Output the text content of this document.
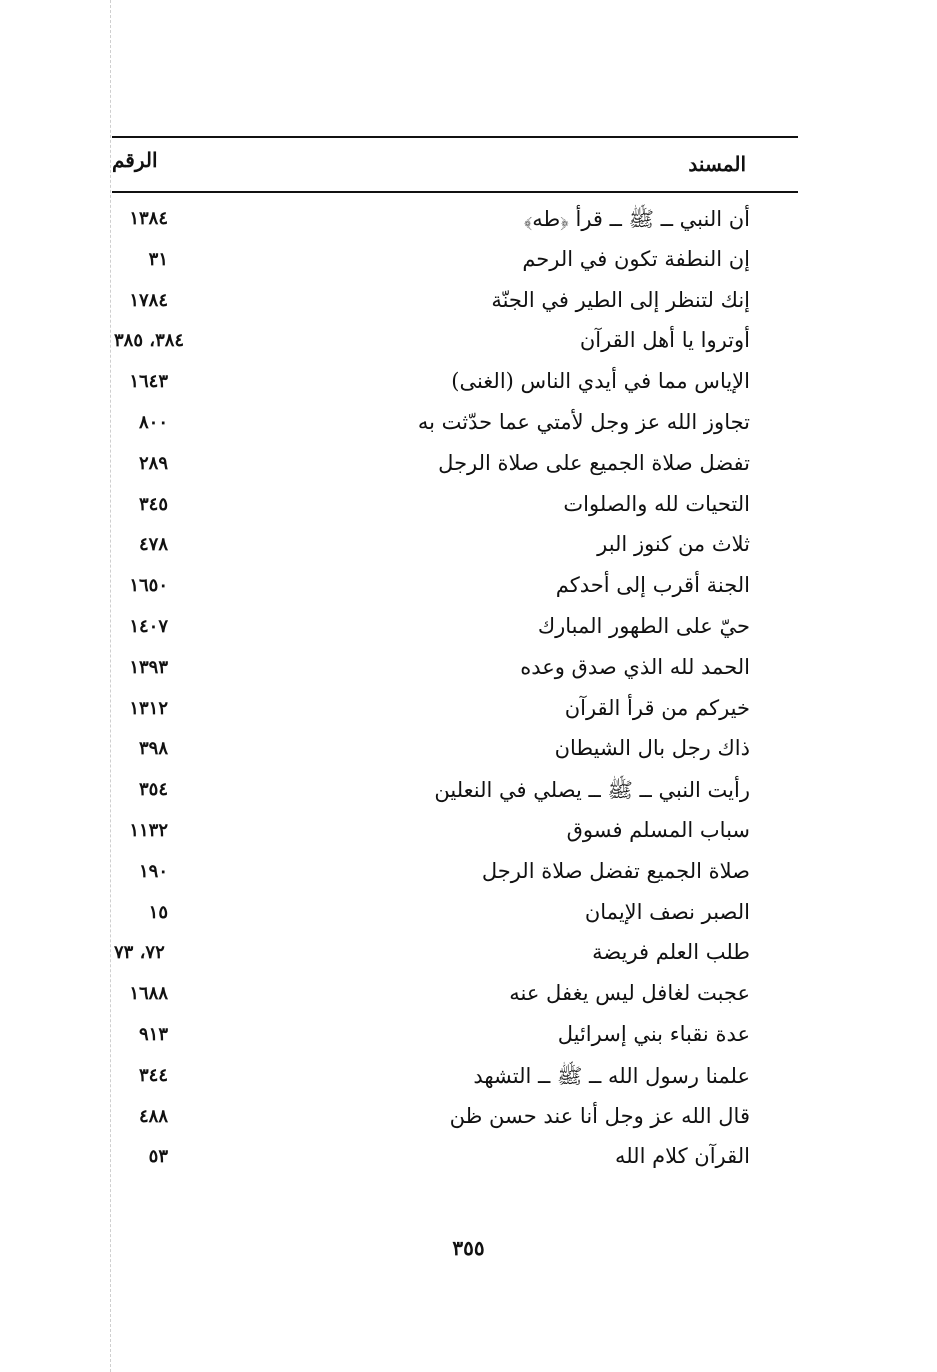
المسند
الرقم
أن النبي ــ ﷺ ــ قرأ ﴿طه﴾
١٣٨٤
إن النطفة تكون في الرحم
٣١
إنك لتنظر إلى الطير في الجنّة
١٧٨٤
أوتروا يا أهل القرآن
٣٨٤، ٣٨٥
الإياس مما في أيدي الناس (الغنى)
١٦٤٣
تجاوز الله عز وجل لأمتي عما حدّثت به
٨٠٠
تفضل صلاة الجميع على صلاة الرجل
٢٨٩
التحيات لله والصلوات
٣٤٥
ثلاث من كنوز البر
٤٧٨
الجنة أقرب إلى أحدكم
١٦٥٠
حيّ على الطهور المبارك
١٤٠٧
الحمد لله الذي صدق وعده
١٣٩٣
خيركم من قرأ القرآن
١٣١٢
ذاك رجل بال الشيطان
٣٩٨
رأيت النبي ــ ﷺ ــ يصلي في النعلين
٣٥٤
سباب المسلم فسوق
١١٣٢
صلاة الجميع تفضل صلاة الرجل
١٩٠
الصبر نصف الإيمان
١٥
طلب العلم فريضة
٧٢، ٧٣
عجبت لغافل ليس يغفل عنه
١٦٨٨
عدة نقباء بني إسرائيل
٩١٣
علمنا رسول الله ــ ﷺ ــ التشهد
٣٤٤
قال الله عز وجل أنا عند حسن ظن
٤٨٨
القرآن كلام الله
٥٣
٣٥٥
